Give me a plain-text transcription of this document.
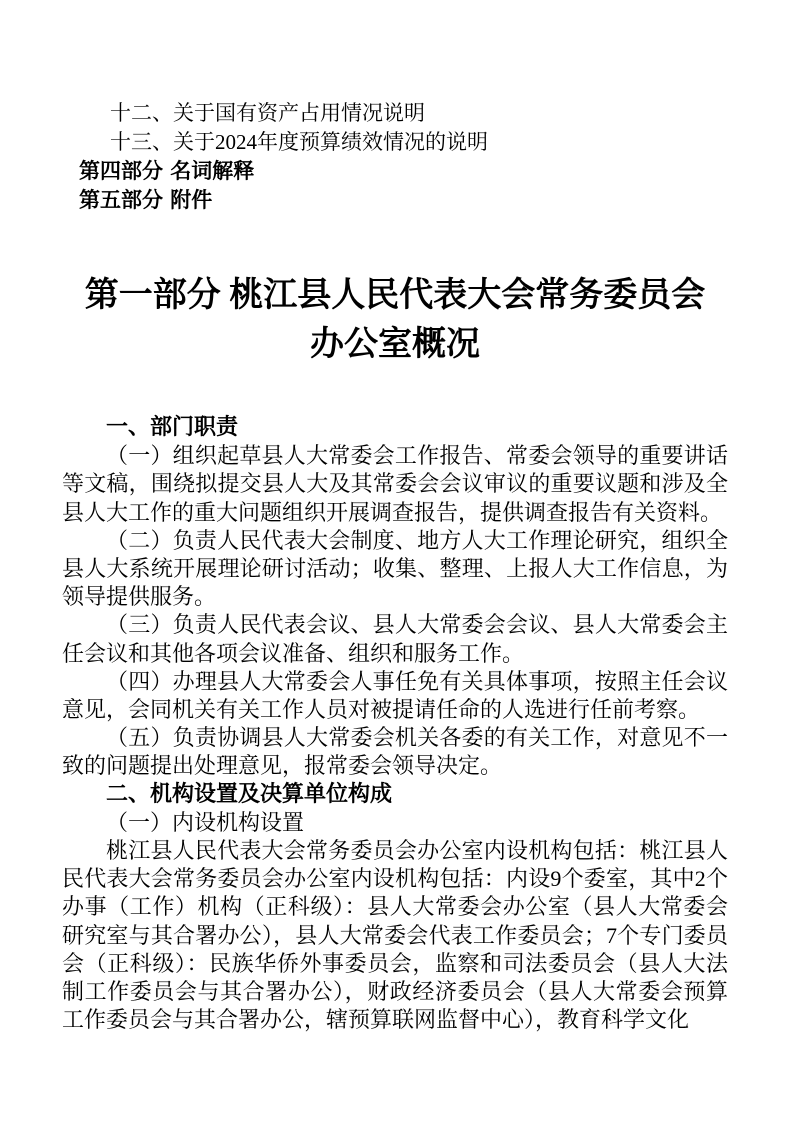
十二、关于国有资产占用情况说明
十三、关于2024年度预算绩效情况的说明
第四部分 名词解释
第五部分 附件
第一部分 桃江县人民代表大会常务委员会
办公室概况
一、部门职责

（一）组织起草县人大常委会工作报告、常委会领导的重要讲话等文稿，围绕拟提交县人大及其常委会会议审议的重要议题和涉及全县人大工作的重大问题组织开展调查报告，提供调查报告有关资料。

（二）负责人民代表大会制度、地方人大工作理论研究，组织全县人大系统开展理论研讨活动；收集、整理、上报人大工作信息，为领导提供服务。

（三）负责人民代表会议、县人大常委会会议、县人大常委会主任会议和其他各项会议准备、组织和服务工作。

（四）办理县人大常委会人事任免有关具体事项，按照主任会议意见，会同机关有关工作人员对被提请任命的人选进行任前考察。

（五）负责协调县人大常委会机关各委的有关工作，对意见不一致的问题提出处理意见，报常委会领导决定。

二、机构设置及决算单位构成

（一）内设机构设置

桃江县人民代表大会常务委员会办公室内设机构包括：桃江县人民代表大会常务委员会办公室内设机构包括：内设9个委室，其中2个办事（工作）机构（正科级）：县人大常委会办公室（县人大常委会研究室与其合署办公），县人大常委会代表工作委员会；7个专门委员会（正科级）：民族华侨外事委员会，监察和司法委员会（县人大法制工作委员会与其合署办公），财政经济委员会（县人大常委会预算工作委员会与其合署办公，辖预算联网监督中心），教育科学文化
